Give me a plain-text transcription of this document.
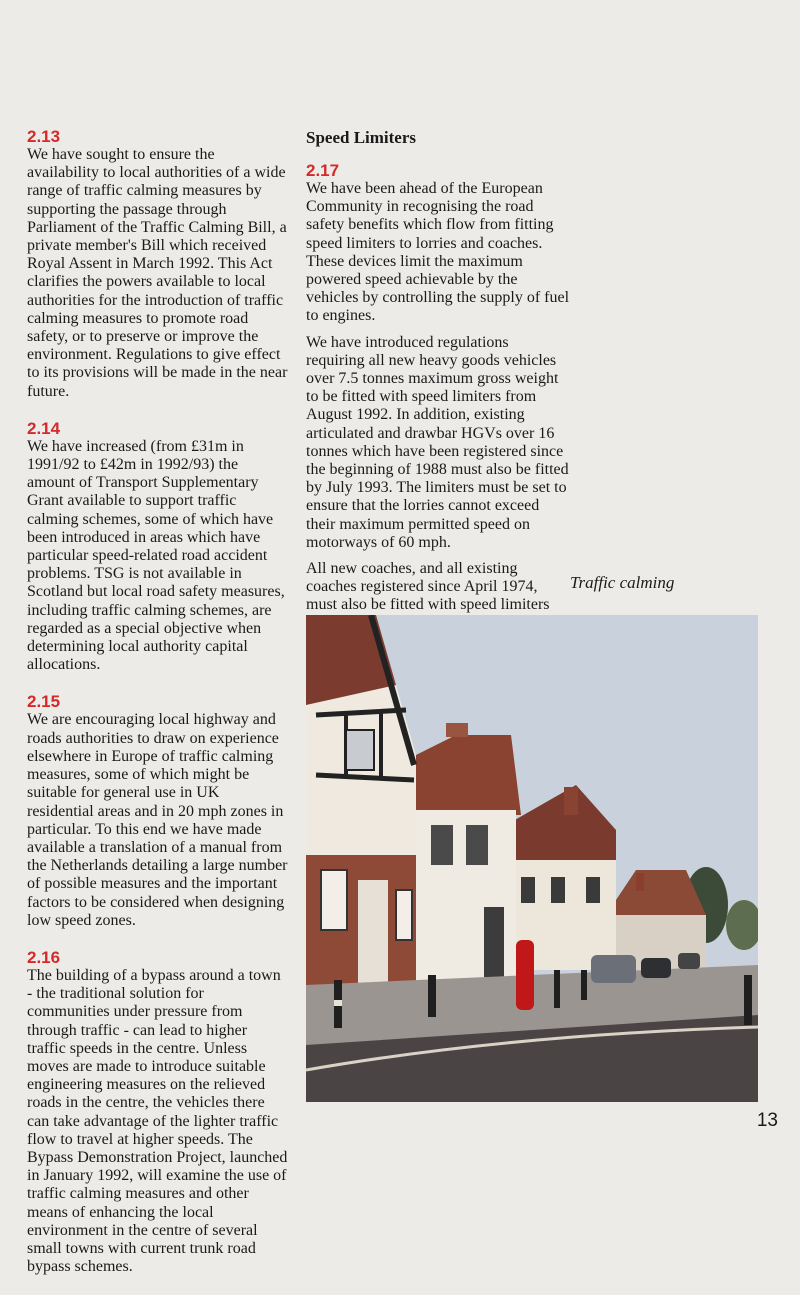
2.13

We have sought to ensure the availability to local authorities of a wide range of traffic calming measures by supporting the passage through Parliament of the Traffic Calming Bill, a private member's Bill which received Royal Assent in March 1992. This Act clarifies the powers available to local authorities for the introduction of traffic calming measures to promote road safety, or to preserve or improve the environment. Regulations to give effect to its provisions will be made in the near future.

2.14

We have increased (from £31m in 1991/92 to £42m in 1992/93) the amount of Transport Supplementary Grant available to support traffic calming schemes, some of which have been introduced in areas which have particular speed-related road accident problems. TSG is not available in Scotland but local road safety measures, including traffic calming schemes, are regarded as a special objective when determining local authority capital allocations.

2.15

We are encouraging local highway and roads authorities to draw on experience elsewhere in Europe of traffic calming measures, some of which might be suitable for general use in UK residential areas and in 20 mph zones in particular. To this end we have made available a translation of a manual from the Netherlands detailing a large number of possible measures and the important factors to be considered when designing low speed zones.

2.16

The building of a bypass around a town - the traditional solution for communities under pressure from through traffic - can lead to higher traffic speeds in the centre. Unless moves are made to introduce suitable engineering measures on the relieved roads in the centre, the vehicles there can take advantage of the lighter traffic flow to travel at higher speeds. The Bypass Demonstration Project, launched in January 1992, will examine the use of traffic calming measures and other means of enhancing the local environment in the centre of several small towns with current trunk road bypass schemes.

Speed Limiters
2.17

We have been ahead of the European Community in recognising the road safety benefits which flow from fitting speed limiters to lorries and coaches. These devices limit the maximum powered speed achievable by the vehicles by controlling the supply of fuel to engines.

We have introduced regulations requiring all new heavy goods vehicles over 7.5 tonnes maximum gross weight to be fitted with speed limiters from August 1992. In addition, existing articulated and drawbar HGVs over 16 tonnes which have been registered since the beginning of 1988 must also be fitted by July 1993. The limiters must be set to ensure that the lorries cannot exceed their maximum permitted speed on motorways of 60 mph.

All new coaches, and all existing coaches registered since April 1974, must also be fitted with speed limiters

Traffic calming
13
